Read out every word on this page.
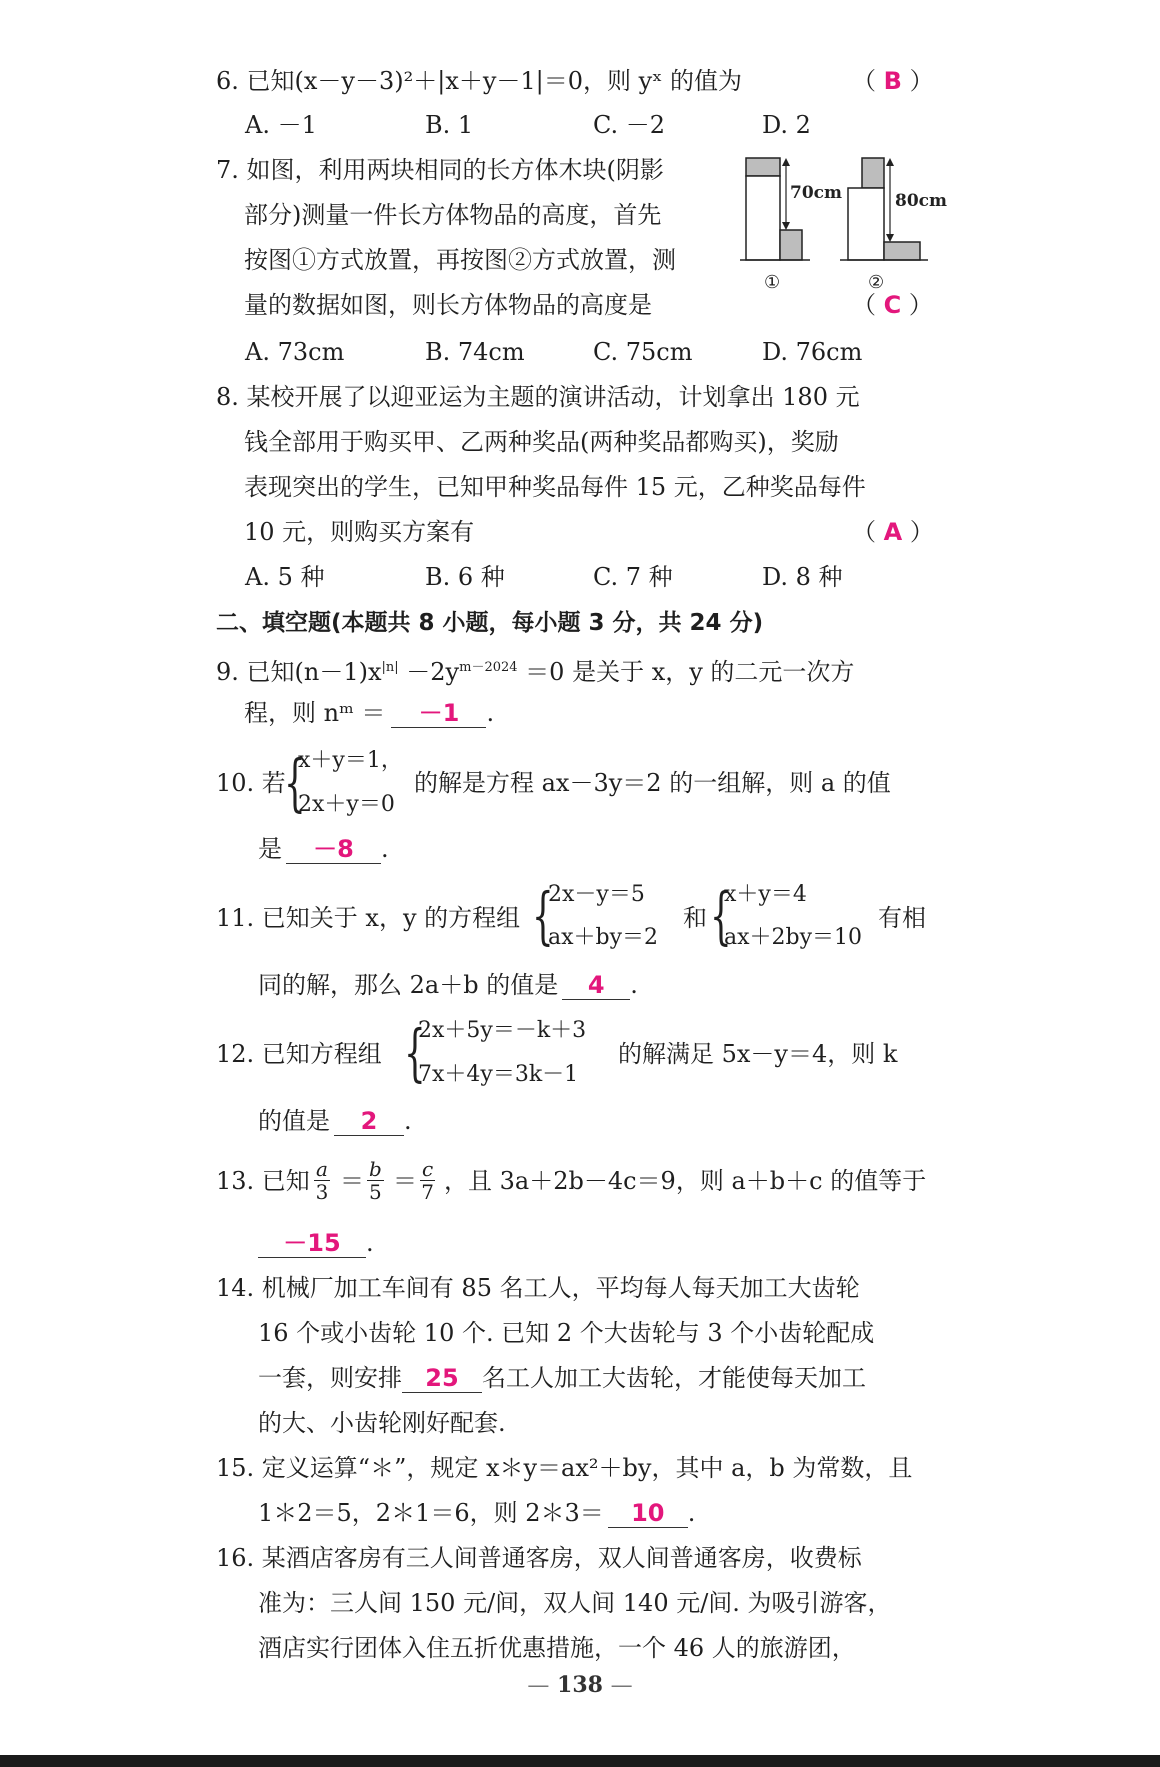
6. 已知(x－y－3)²＋|x＋y－1|＝0，则 yˣ 的值为	（ B ）
A. －1	B. 1	C. －2	D. 2
7. 如图，利用两块相同的长方体木块(阴影
部分)测量一件长方体物品的高度，首先
按图①方式放置，再按图②方式放置，测
量的数据如图，则长方体物品的高度是	（ C ）
70cm
①
80cm
②
A. 73cm	B. 74cm	C. 75cm	D. 76cm
8. 某校开展了以迎亚运为主题的演讲活动，计划拿出 180 元
钱全部用于购买甲、乙两种奖品(两种奖品都购买)，奖励
表现突出的学生，已知甲种奖品每件 15 元，乙种奖品每件
10 元，则购买方案有	（ A ）
A. 5 种	B. 6 种	C. 7 种	D. 8 种
二、填空题(本题共 8 小题，每小题 3 分，共 24 分)
9. 已知$(n-1)x^{|n|} -2y^{m-2024} =0$ 是关于 x，y 的二元一次方
程，则 nᵐ ＝ －1 .
10. 若
{
x＋y＝1，
2x＋y＝0
的解是方程 ax－3y＝2 的一组解，则 a 的值
是 －8 .
11. 已知关于 x，y 的方程组 {
2x－y＝5
ax＋by＝2
和 {
x＋y＝4
ax＋2by＝10
有相
同的解，那么 2a＋b 的值是 4 .
12. 已知方程组 {
2x＋5y＝－k＋3
7x＋4y＝3k－1
的解满足 5x－y＝4，则 k
的值是 2 .
13. 已知 $\frac{a}{3} = \frac{b}{5} = \frac{c}{7}$ ，且 3a＋2b－4c＝9，则 a＋b＋c 的值等于
－15 .
14. 机械厂加工车间有 85 名工人，平均每人每天加工大齿轮
16 个或小齿轮 10 个. 已知 2 个大齿轮与 3 个小齿轮配成
一套，则安排 25 名工人加工大齿轮，才能使每天加工
的大、小齿轮刚好配套.
15. 定义运算“＊”，规定 x＊y＝ax²＋by，其中 a，b 为常数，且
1＊2＝5，2＊1＝6，则 2＊3＝ 10 .
16. 某酒店客房有三人间普通客房，双人间普通客房，收费标
准为：三人间 150 元/间，双人间 140 元/间. 为吸引游客，
酒店实行团体入住五折优惠措施，一个 46 人的旅游团，
— 138 —
